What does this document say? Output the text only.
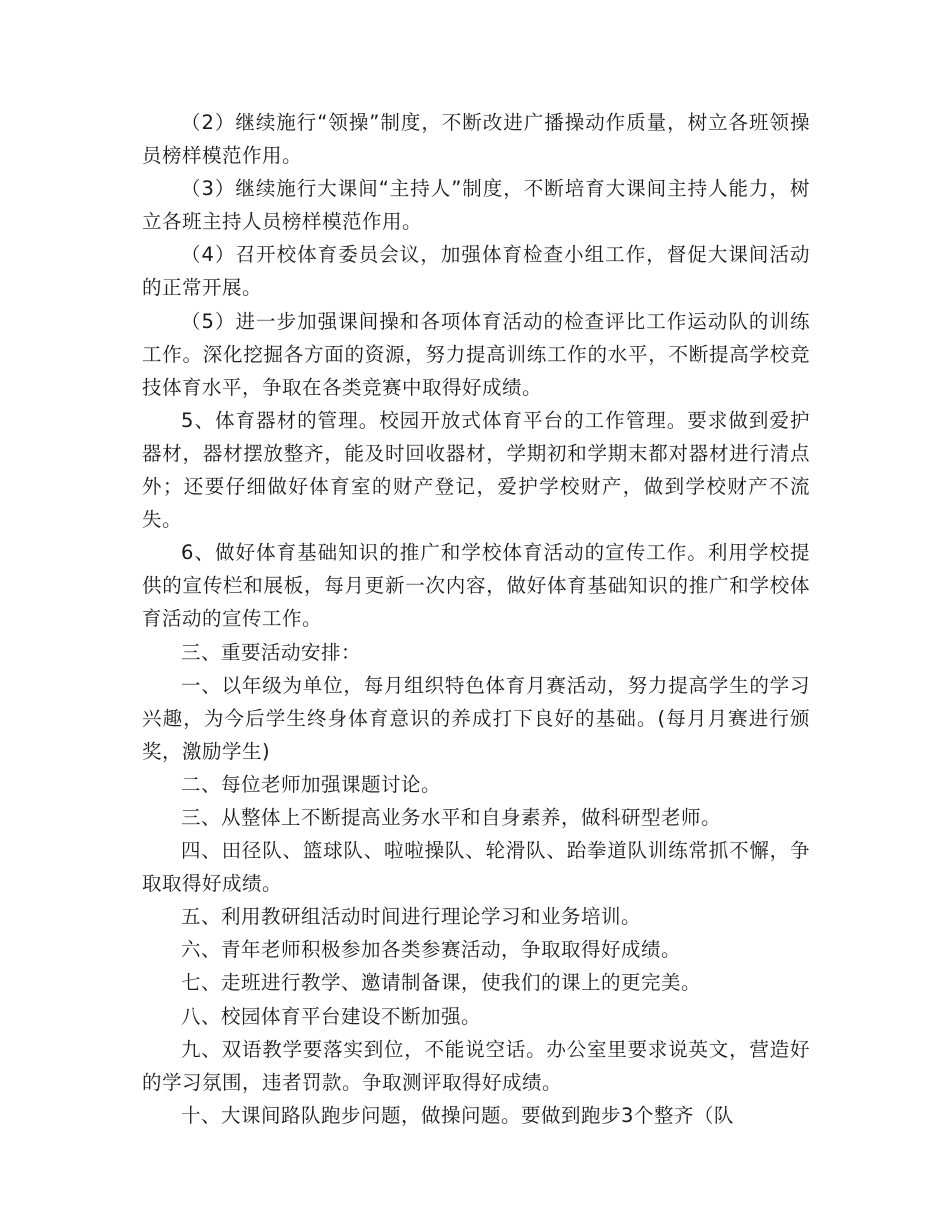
（2）继续施行“领操”制度，不断改进广播操动作质量，树立各班领操员榜样模范作用。

（3）继续施行大课间“主持人”制度，不断培育大课间主持人能力，树立各班主持人员榜样模范作用。

（4）召开校体育委员会议，加强体育检查小组工作，督促大课间活动的正常开展。

（5）进一步加强课间操和各项体育活动的检查评比工作运动队的训练工作。深化挖掘各方面的资源，努力提高训练工作的水平，不断提高学校竞技体育水平，争取在各类竞赛中取得好成绩。

5、体育器材的管理。校园开放式体育平台的工作管理。要求做到爱护器材，器材摆放整齐，能及时回收器材，学期初和学期末都对器材进行清点外；还要仔细做好体育室的财产登记，爱护学校财产，做到学校财产不流失。

6、做好体育基础知识的推广和学校体育活动的宣传工作。利用学校提供的宣传栏和展板，每月更新一次内容，做好体育基础知识的推广和学校体育活动的宣传工作。

三、重要活动安排：

一、以年级为单位，每月组织特色体育月赛活动，努力提高学生的学习兴趣，为今后学生终身体育意识的养成打下良好的基础。(每月月赛进行颁奖，激励学生)

二、每位老师加强课题讨论。

三、从整体上不断提高业务水平和自身素养，做科研型老师。

四、田径队、篮球队、啦啦操队、轮滑队、跆拳道队训练常抓不懈，争取取得好成绩。

五、利用教研组活动时间进行理论学习和业务培训。

六、青年老师积极参加各类参赛活动，争取取得好成绩。

七、走班进行教学、邀请制备课，使我们的课上的更完美。

八、校园体育平台建设不断加强。

九、双语教学要落实到位，不能说空话。办公室里要求说英文，营造好的学习氛围，违者罚款。争取测评取得好成绩。

十、大课间路队跑步问题，做操问题。要做到跑步3个整齐（队
